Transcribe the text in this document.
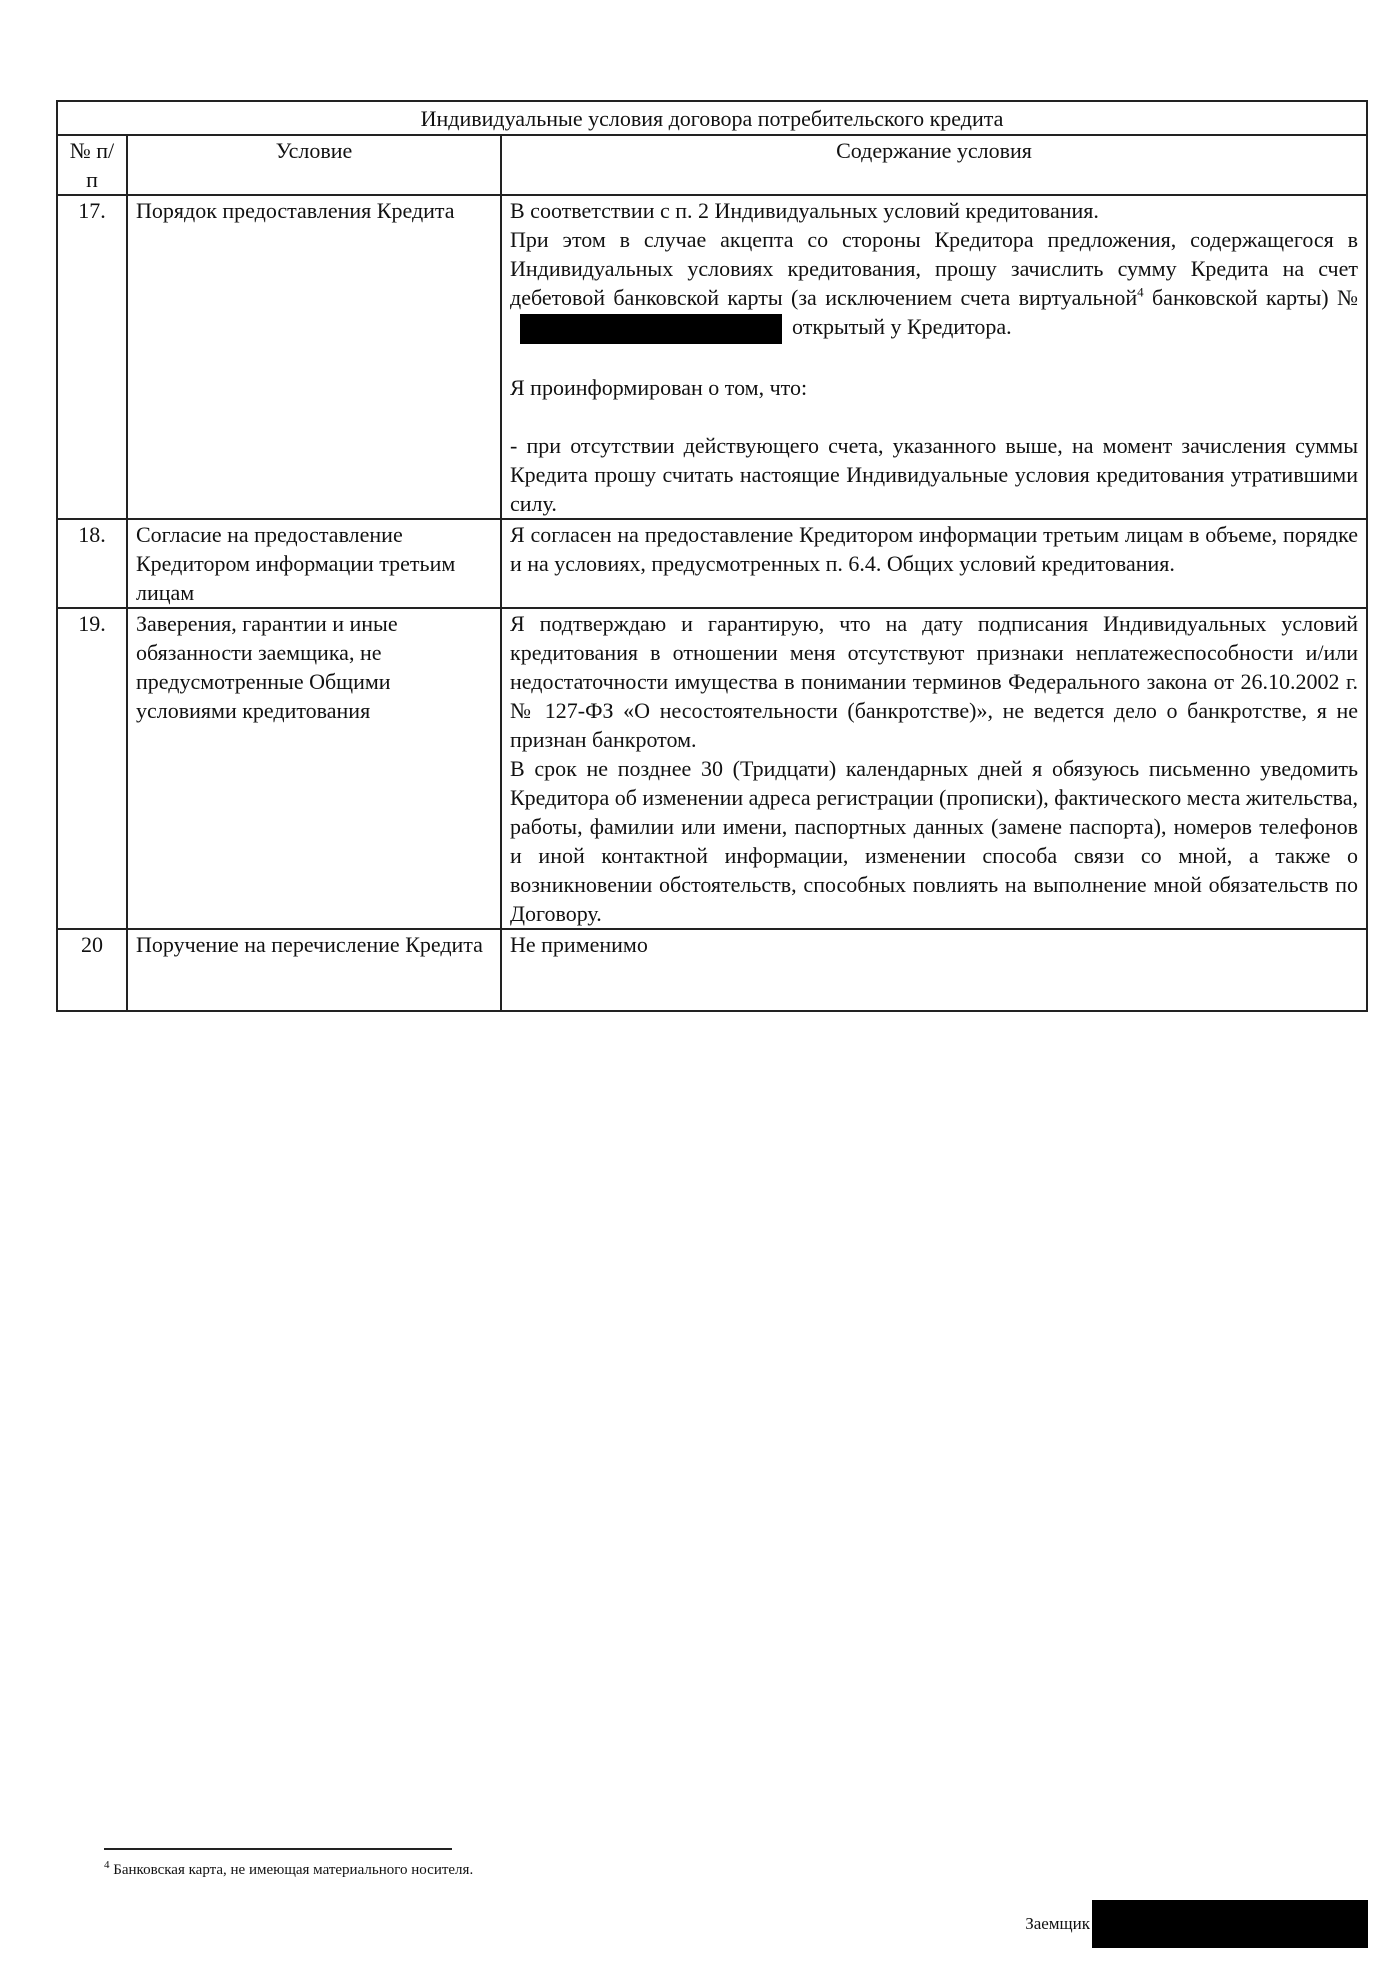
Индивидуальные условия договора потребительского кредита		
№ п/п	Условие	Содержание условия
17.	Порядок предоставления Кредита	В соответствии с п. 2 Индивидуальных условий кредитования.

При этом в случае акцепта со стороны Кредитора предложения, содержащегося в Индивидуальных условиях кредитования, прошу зачислить сумму Кредита на счет дебетовой банковской карты (за исключением счета виртуальной$^4$ банковской карты) №открытый у Кредитора.

Я проинформирован о том, что:

- при отсутствии действующего счета, указанного выше, на момент зачисления суммы Кредита прошу считать настоящие Индивидуальные условия кредитования утратившими силу.

18.	Согласие на предоставление Кредитором информации третьим лицам	Я согласен на предоставление Кредитором информации третьим лицам в объеме, порядке и на условиях, предусмотренных п. 6.4. Общих условий кредитования.

19.	Заверения, гарантии и иные обязанности заемщика, не предусмотренные Общими условиями кредитования	Я подтверждаю и гарантирую, что на дату подписания Индивидуальных условий кредитования в отношении меня отсутствуют признаки неплатежеспособности и/или недостаточности имущества в понимании терминов Федерального закона от 26.10.2002 г. № 127-ФЗ «О несостоятельности (банкротстве)», не ведется дело о банкротстве, я не признан банкротом.

В срок не позднее 30 (Тридцати) календарных дней я обязуюсь письменно уведомить Кредитора об изменении адреса регистрации (прописки), фактического места жительства, работы, фамилии или имени, паспортных данных (замене паспорта), номеров телефонов и иной контактной информации, изменении способа связи со мной, а также о возникновении обстоятельств, способных повлиять на выполнение мной обязательств по Договору.

20	Поручение на перечисление Кредита	Не применимо

$^4$ Банковская карта, не имеющая материального носителя.
Заемщик
